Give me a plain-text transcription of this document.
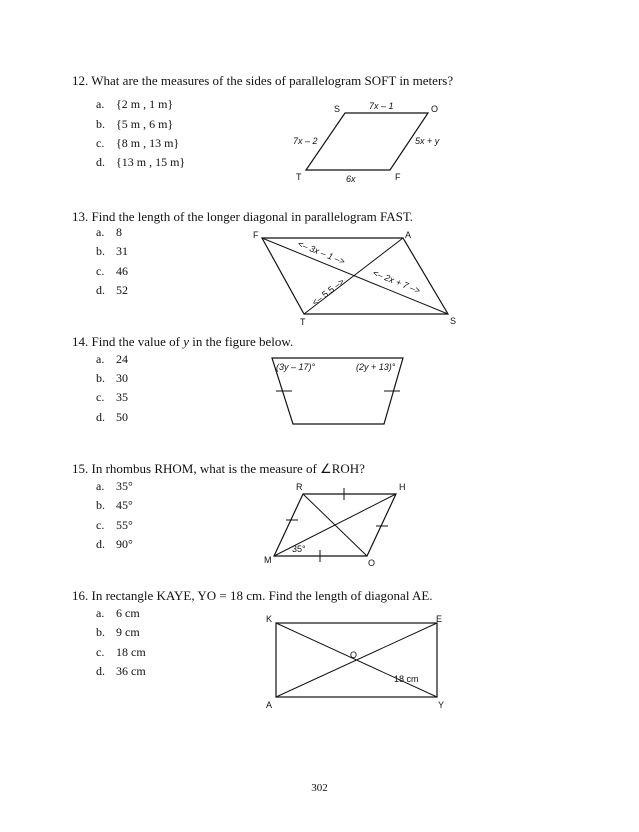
12. What are the measures of the sides of parallelogram SOFT in meters?
a. {2 m , 1 m}
b. {5 m , 6 m}
c. {8 m , 13 m}
d. {13 m , 15 m}
13. Find the length of the longer diagonal in parallelogram FAST.
a. 8
b. 31
c. 46
d. 52
14. Find the value of y in the figure below.
a. 24
b. 30
c. 35
d. 50
15. In rhombus RHOM, what is the measure of ∠ROH?
a. 35°
b. 45°
c. 55°
d. 90°
16. In rectangle KAYE, YO = 18 cm. Find the length of diagonal AE.
a. 6 cm
b. 9 cm
c. 18 cm
d. 36 cm
S	O
F
T
7x – 1
7x – 2	5x + y
6x
F	A
T	S
<– 3x – 1 –>
<– 2x + 7 –>
<– 5.5 –>
(3y – 17)°	(2y + 13)°
R	H
O
M
35°
K	E
A	Y
O
18 cm
302
